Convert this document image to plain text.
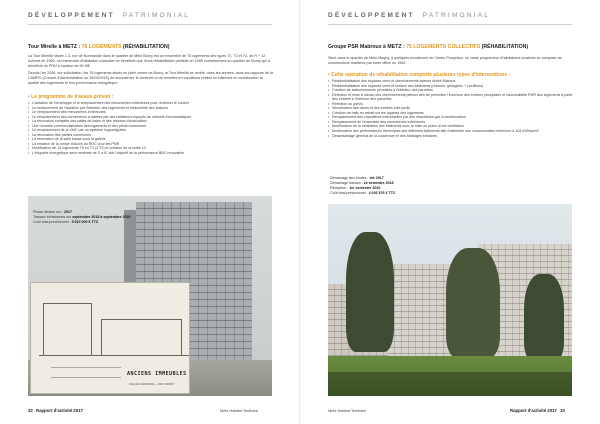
DÉVELOPPEMENT PATRIMONIAL
Tour Mirelle à METZ : 76 LOGEMENTS (RÉHABILITATION)

La Tour Mireille située 1-3, rue de Normandie dans le quartier de Metz Borny est un ensemble de 76 logements des types T2, T3 et T4, de R + 12. Achevé en 1960, cet immeuble d'habitation collective ne bénéficie que d'une réhabilitation partielle en 1985 contrairement au quartier de Borny qui a bénéficié du PRU à hauteur de 60 M€.

Depuis l'an 2006, sur sollicitation, les 76 logements situés en plein centre de Borny, la Tour Mireille se révèle, dans les années, dans les rapports de la CAMPO (Conseil d'Administration du 25/03/2015) de reconstruire le contexte et de remettre en conditions réelles un bâtiment en amélioration la qualité des logements et leur performance énergétique.

• Le programme de travaux prévoit :
• L'isolation de l'enveloppe et le remplacement des menuiseries extérieures pour renforcer le confort
• Le renforcement de l'isolation par l'intérieur des logements et l'étanchéité des balcons
• Le remplacement des menuiseries extérieures
• Le remplacement des convecteurs à ailettes par des radiateurs équipés de robinets thermostatiques
• La rénovation complète des salles de bains et des réseaux d'évacuation
• Une nouvelle commercialisation des logements et des pieds communes
• Le remplacement de la VMC par un système hygroréglable
• La rénovation des parties communes
• La rénovation de la salle basse sous la galerie
• La création de la rampe d'accès au RDC pour les PMR
• Modification de 13 logements T5 en T3 (2 T2) et création de la sortie 12
• L'étiquette énergétique sera ramenée de D à B, soit l'objectif de la performance BBC rénovation
Phase études sur : 2017
Travaux échelonnés sur septembre 2018 à septembre 2020
Coût total prévisionnel : 5 910 000 € TTC
ANCIENS IMMEUBLES
RUE DE NORMANDIE — METZ-BORNY
32 Rapport d'activité 2017	Metz Habitat Territoire
DÉVELOPPEMENT PATRIMONIAL
Groupe PSR Mabroux à METZ : 75 LOGEMENTS COLLECTIFS (RÉHABILITATION)

Situé dans le quartier de Metz-Magny, à quelques encablures du Centre Pompidou, ce vaste programme d'habitations locatives se compose de constructions réalisées par notre office en 1962.

• Cette opération de réhabilitation comporte plusieurs types d'interventions :
• Résidentialisation des espaces verts et cheminements avenue André Malraux
• Résidentialisation des espaces verts et surface des bâtiments (clôtures, grillagées, + portillons)
• Création de stationnements privatisés à l'intérieur des parcelles
• Réfection et mise à niveau des cheminements piétons afin de permettre l'inversion des entrées principales et l'accessibilité PMR des logements à partir des entrées à l'intérieur des parcelles
• Réfection du parvis
• Sécurisation des caves et des entrées côté jardin
• Création de halls en retrait sur les façades des logements
• Remplacement des chaudières individuelles par des chaudières gaz à condensation
• Remplacement de l'ensemble des menuiseries extérieures
• Amélioration de la ventilation des bâtiments avec la mise en place d'une ventilation
• Amélioration des performances thermiques des différents bâtiments afin d'atteindre une consommation inférieure à 104 kWhep/m²
• Désamiantage général de la couverture et des bardages existants
Démarrage des études : été 2017
Démarrage travaux : 2e semestre 2018
Réception : 1er semestre 2020
Coût total prévisionnel : 4 026 576 € TTC
Metz Habitat Territoire	Rapport d'activité 2017 33
